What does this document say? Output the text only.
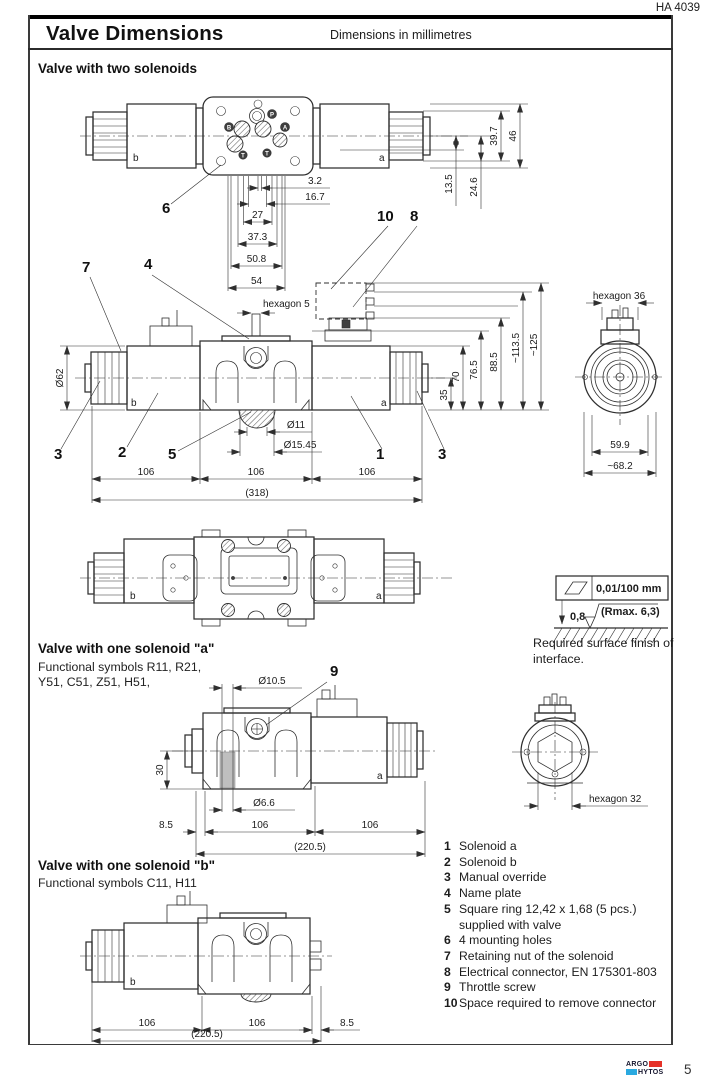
P
A
B
T	T
b	a
6
3.2
16.7
27
37.3
50.8
54
39.7 46
13.5 24.6
b	a
hexagon 5
Ø62
35
70 76.5 88.5 ~113.5 ~125
Ø11
Ø15.45
106	106	106
(318)
7	4
10 8
3	2	5	1	3
hexagon 36
59.9
~68.2
b	a
0,01/100 mm
0,8 (Rmax. 6,3)
a
Ø10.5
Ø6.6
9
30
8.5	106	106
(220.5)
hexagon 32
b
106	106	8.5
(220.5)
HA 4039
Valve Dimensions	Dimensions in millimetres
Valve with two solenoids
Required surface finish of
interface.
Valve with one solenoid "a"
Functional symbols R11, R21,
Y51, C51, Z51, H51,
Valve with one solenoid "b"
Functional symbols C11, H11
1 Solenoid a
2 Solenoid b
3 Manual override
4 Name plate
5 Square ring 12,42 x 1,68 (5 pcs.)
supplied with valve
6 4 mounting holes
7 Retaining nut of the solenoid
8 Electrical connector, EN 175301-803
9 Throttle screw
10Space required to remove connector
ARGO
HYTOS 5
